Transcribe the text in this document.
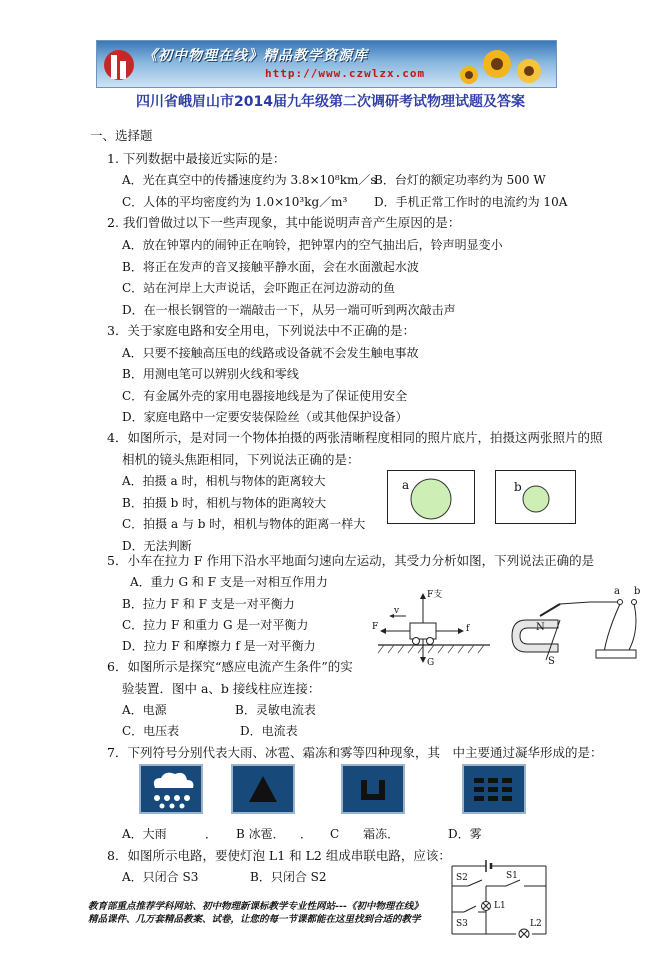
《初中物理在线》精品教学资源库
http://www.czwlzx.com
四川省峨眉山市2014届九年级第二次调研考试物理试题及答案
一、选择题
1. 下列数据中最接近实际的是：
A．光在真空中的传播速度约为 3.8×10⁸km／s
B．台灯的额定功率约为 500 W
C．人体的平均密度约为 1.0×10³kg／m³ D．手机正常工作时的电流约为 10A
2. 我们曾做过以下一些声现象，其中能说明声音产生原因的是：
A．放在钟罩内的闹钟正在响铃，把钟罩内的空气抽出后，铃声明显变小
B．将正在发声的音叉接触平静水面，会在水面激起水波
C．站在河岸上大声说话，会吓跑正在河边游动的鱼
D．在一根长钢管的一端敲击一下，从另一端可听到两次敲击声
3．关于家庭电路和安全用电，下列说法中不正确的是：
A．只要不接触高压电的线路或设备就不会发生触电事故
B．用测电笔可以辨别火线和零线
C．有金属外壳的家用电器接地线是为了保证使用安全
D．家庭电路中一定要安装保险丝（或其他保护设备）
4．如图所示，是对同一个物体拍摄的两张清晰程度相同的照片底片，拍摄这两张照片的照
相机的镜头焦距相同，下列说法正确的是：
A．拍摄 a 时，相机与物体的距离较大
B．拍摄 b 时，相机与物体的距离较大
C．拍摄 a 与 b 时，相机与物体的距离一样大
D．无法判断
a	b
5．小车在拉力 F 作用下沿水平地面匀速向左运动，其受力分析如图，下列说法正确的是
A．重力 G 和 F 支是一对相互作用力
B．拉力 F 和 F 支是一对平衡力
C．拉力 F 和重力 G 是一对平衡力
D．拉力 F 和摩擦力 f 是一对平衡力
F支
v
F	f
G
N
S
a b
6．如图所示是探究“感应电流产生条件”的实
验装置．图中 a、b 接线柱应连接：
A．电源	B．灵敏电流表
C．电压表	D．电流表
7．下列符号分别代表大雨、冰雹、霜冻和雾等四种现象，其　中主要通过凝华形成的是：
A．大雨	． B 冰雹． ． C　　霜冻．	D．雾
8．如图所示电路，要使灯泡 L1 和 L2 组成串联电路，应该：
A．只闭合 S3	B．只闭合 S2	S2	S1
L1
S3	L2
教育部重点推荐学科网站、初中物理新课标教学专业性网站---《初中物理在线》
精品课件、几万套精品教案、试卷，让您的每一节课都能在这里找到合适的教学
